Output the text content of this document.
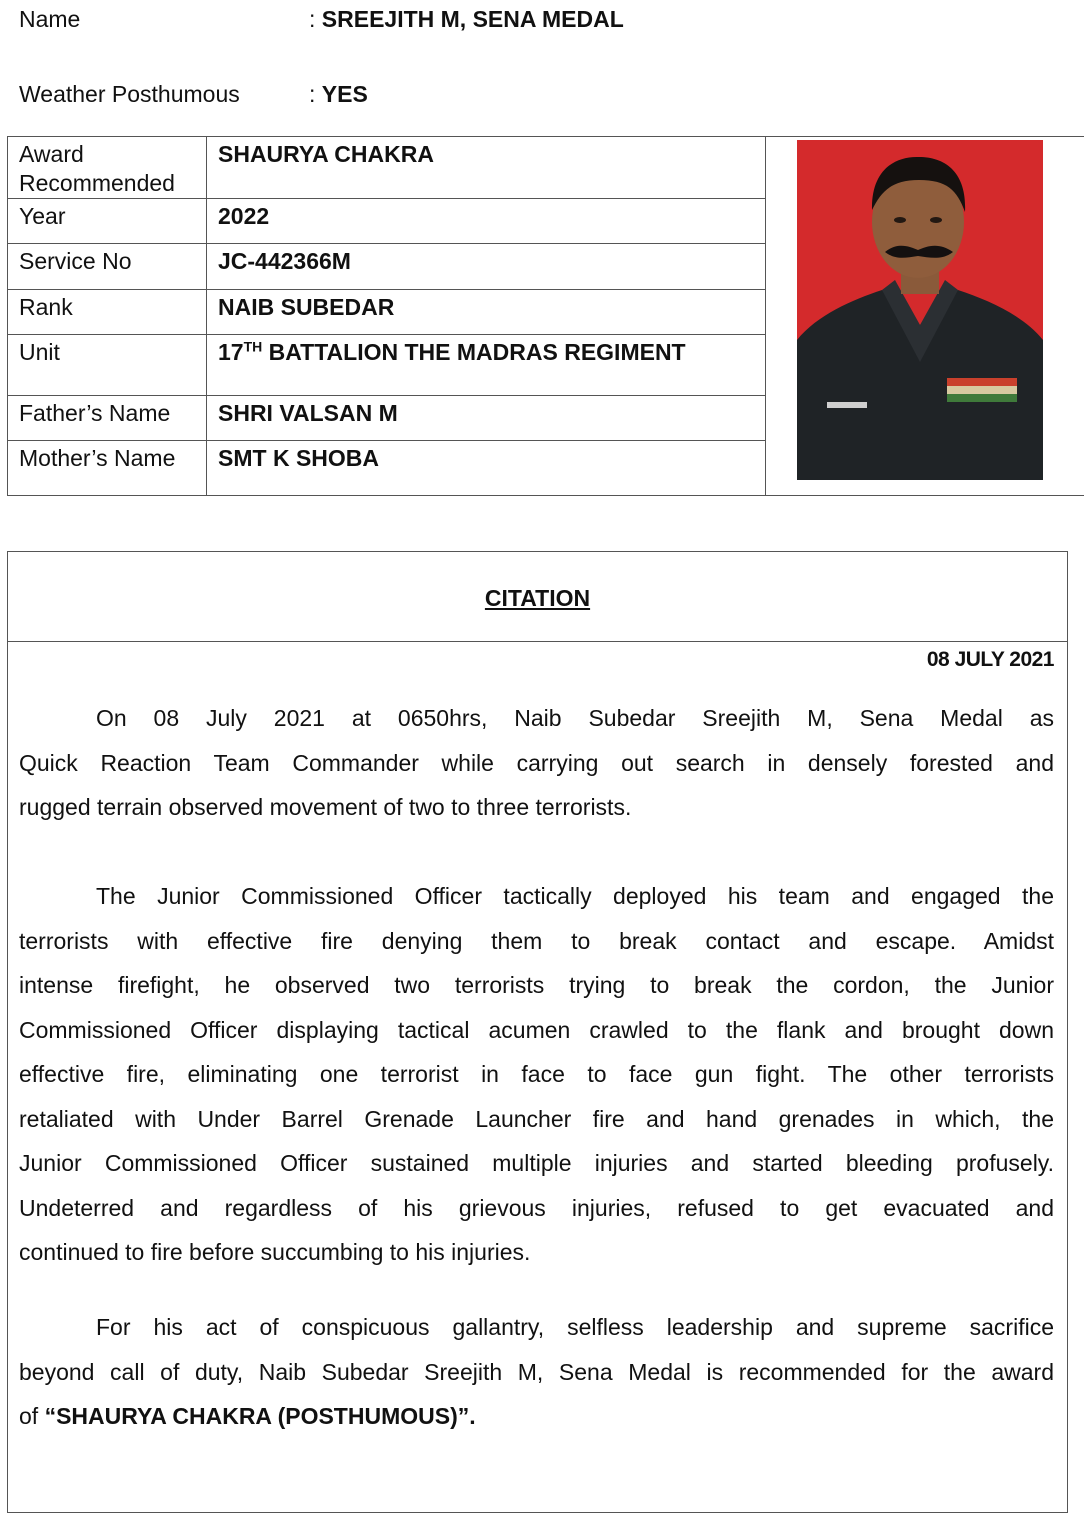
Name	: SREEJITH M, SENA MEDAL
Weather Posthumous	: YES
Award
Recommended	SHAURYA CHAKRA	

Year	2022	
Service No	JC-442366M	
Rank	NAIB SUBEDAR	
Unit	17TH BATTALION THE MADRAS REGIMENT	
Father’s Name	SHRI VALSAN M	
Mother’s Name	SMT K SHOBA	
CITATION
08 JULY 2021
On 08 July 2021 at 0650hrs, Naib Subedar Sreejith M, Sena Medal as
Quick Reaction Team Commander while carrying out search in densely forested and
rugged terrain observed movement of two to three terrorists.
The Junior Commissioned Officer tactically deployed his team and engaged the
terrorists with effective fire denying them to break contact and escape. Amidst
intense firefight, he observed two terrorists trying to break the cordon, the Junior
Commissioned Officer displaying tactical acumen crawled to the flank and brought down
effective fire, eliminating one terrorist in face to face gun fight. The other terrorists
retaliated with Under Barrel Grenade Launcher fire and hand grenades in which, the
Junior Commissioned Officer sustained multiple injuries and started bleeding profusely.
Undeterred and regardless of his grievous injuries, refused to get evacuated and
continued to fire before succumbing to his injuries.
For his act of conspicuous gallantry, selfless leadership and supreme sacrifice
beyond call of duty, Naib Subedar Sreejith M, Sena Medal is recommended for the award
of “SHAURYA CHAKRA (POSTHUMOUS)”.
